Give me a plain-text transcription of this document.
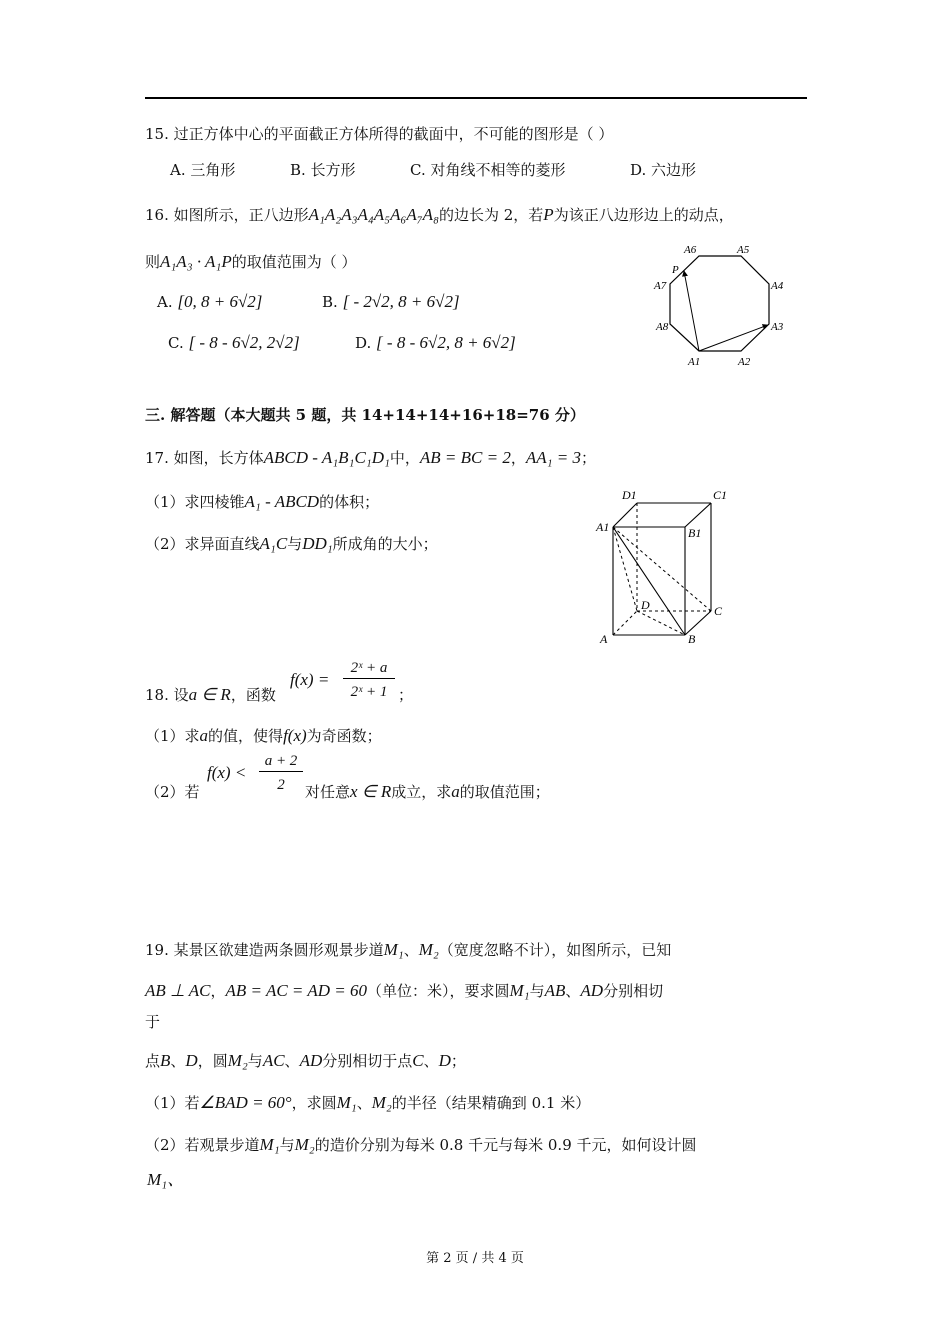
15. 过正方体中心的平面截正方体所得的截面中，不可能的图形是（ ）
A. 三角形	B. 长方形	C. 对角线不相等的菱形	D. 六边形
16. 如图所示，正八边形A₁A₂A₃A₄A₅A₆A₇A₈的边长为 2，若P为该正八边形边上的动点，
则A₁A₃ · A₁P的取值范围为（ ）
A. [0, 8 + 6√2]	B. [ - 2√2, 8 + 6√2]
C. [ - 8 - 6√2, 2√2]	D. [ - 8 - 6√2, 8 + 6√2]
A1	A2
A3
A4
A5
A6
A7
A8
P
三. 解答题（本大题共 5 题，共 14+14+14+16+18=76 分）
17. 如图，长方体ABCD - A₁B₁C₁D₁中，AB = BC = 2，AA₁ = 3；
（1）求四棱锥A₁ - ABCD的体积；
（2）求异面直线A₁C与DD₁所成角的大小；
D1	C1
A1	B1
D	C
A	B
18. 设a ∈ R，函数
f(x) =
2ˣ + a
2ˣ + 1 ；
（1）求a的值，使得f(x)为奇函数；
（2）若
f(x) <
a + 2
2	对任意x ∈ R成立，求a的取值范围；
19. 某景区欲建造两条圆形观景步道M₁、M₂（宽度忽略不计），如图所示，已知
AB ⊥ AC，AB = AC = AD = 60（单位：米），要求圆M₁与AB、AD分别相切
于
点B、D，圆M₂与AC、AD分别相切于点C、D；
（1）若∠BAD = 60°，求圆M₁、M₂的半径（结果精确到 0.1 米）
（2）若观景步道M₁与M₂的造价分别为每米 0.8 千元与每米 0.9 千元，如何设计圆
M₁、
第 2 页 / 共 4 页
